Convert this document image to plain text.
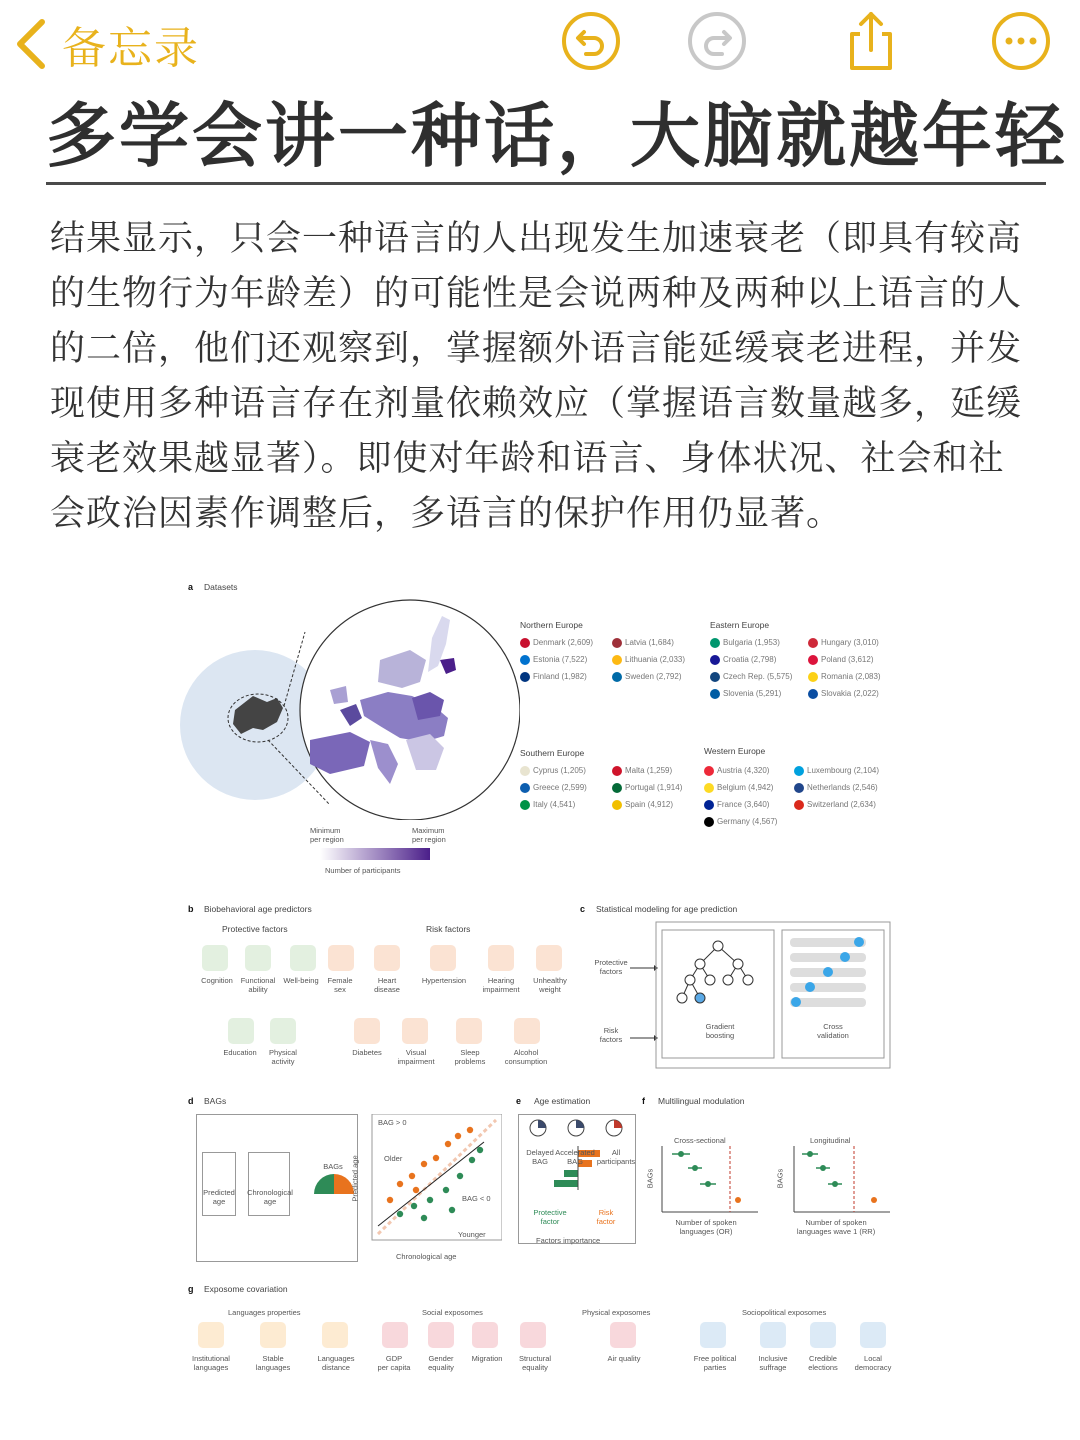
备忘录
多学会讲一种话，大脑就越年轻
结果显示，只会一种语言的人出现发生加速衰老（即具有较高的生物行为年龄差）的可能性是会说两种及两种以上语言的人的二倍，他们还观察到，掌握额外语言能延缓衰老进程，并发现使用多种语言存在剂量依赖效应（掌握语言数量越多，延缓衰老效果越显著）。即使对年龄和语言、身体状况、社会和社会政治因素作调整后，多语言的保护作用仍显著。
a Datasets
Minimum
per region
Maximum
per region
Number of participants
Northern Europe
Denmark (2,609)	Latvia (1,684)
Estonia (7,522)	Lithuania (2,033)
Finland (1,982)	Sweden (2,792)
Eastern Europe
Bulgaria (1,953)	Hungary (3,010)
Croatia (2,798)	Poland (3,612)
Czech Rep. (5,575)	Romania (2,083)
Slovenia (5,291)	Slovakia (2,022)
Southern Europe
Cyprus (1,205)	Malta (1,259)
Greece (2,599)	Portugal (1,914)
Italy (4,541)	Spain (4,912)
Western Europe
Austria (4,320)	Luxembourg (2,104)
Belgium (4,942)	Netherlands (2,546)
France (3,640)	Switzerland (2,634)
Germany (4,567)
b Biobehavioral age predictors
Protective factors	Risk factors
Cognition	Functional
ability
Well-being	Female
sex
Education	Physical
activity
Heart
disease
Hypertension	Hearing
impairment
Unhealthy
weight
Diabetes	Visual
impairment
Sleep
problems
Alcohol
consumption
c Statistical modeling for age prediction
Protective
factors
Risk
factors
Gradient
boosting
Cross
validation
d BAGs
Predicted
age
Chronological
age
BAGs
BAG > 0
Older
BAG < 0
Younger
Chronological age
Predicted age
e Age estimation
Delayed
BAG
Accelerated
BAG
All
participants
Protective
factor
Risk
factor
Factors importance
f Multilingual modulation
Cross-sectional	Longitudinal
BAGs	BAGs
Number of spoken
languages (OR)
Number of spoken
languages wave 1 (RR)
g Exposome covariation
Languages properties	Social exposomes	Physical exposomes	Sociopolitical exposomes
Institutional
languages
Stable
languages
Languages
distance
GDP
per capita
Gender
equality
Migration	Structural
equality
Air quality	Free political
parties
Inclusive
suffrage
Credible
elections
Local
democracy
